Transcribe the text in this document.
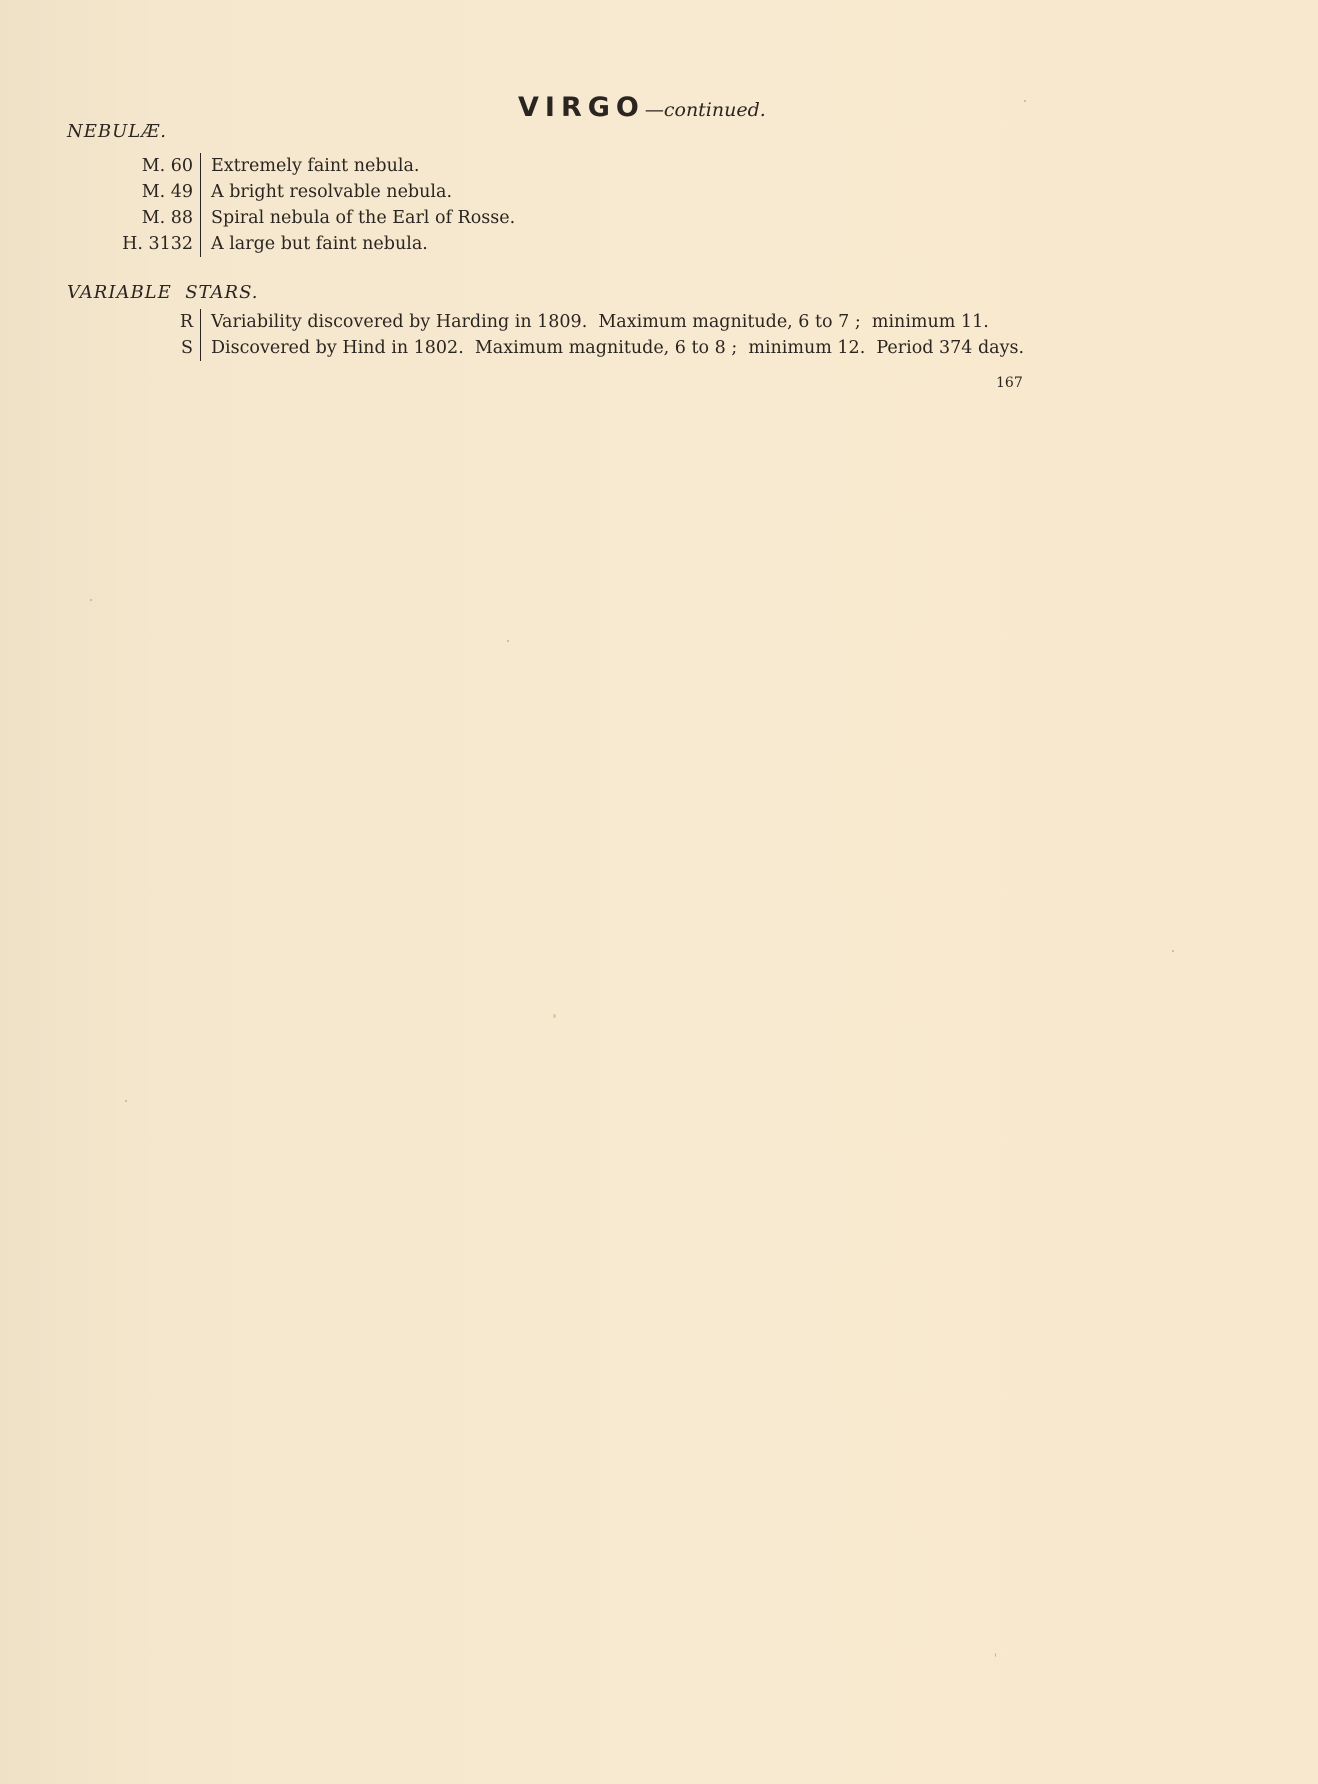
VIRGO—continued.
NEBULÆ.
M. 60	Extremely faint nebula.
M. 49	A bright resolvable nebula.
M. 88	Spiral nebula of the Earl of Rosse.
H. 3132	A large but faint nebula.
VARIABLE  STARS.
R	Variability discovered by Harding in 1809.  Maximum magnitude, 6 to 7 ;  minimum 11.
S	Discovered by Hind in 1802.  Maximum magnitude, 6 to 8 ;  minimum 12.  Period 374 days.
167
